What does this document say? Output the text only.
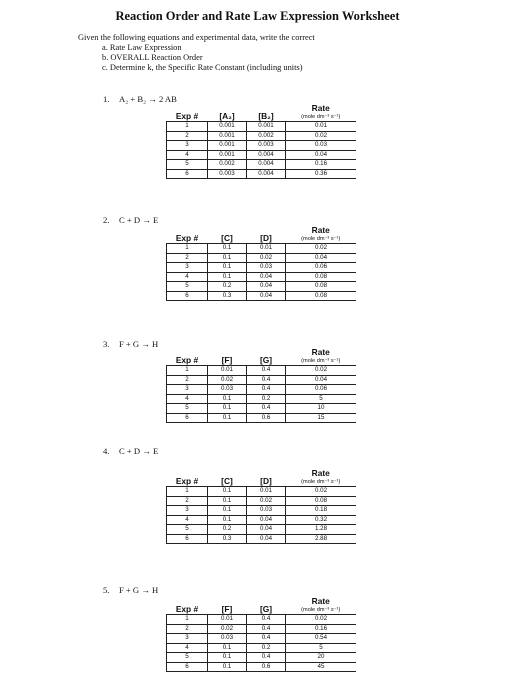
Reaction Order and Rate Law Expression Worksheet
Given the following equations and experimental data, write the correct
a. Rate Law Expression
b. OVERALL Reaction Order
c. Determine k, the Specific Rate Constant (including units)
1. A₂ + B₂ → 2 AB
Exp #	[A₂]	[B₂]	Rate
(mole dm⁻³ s⁻¹)

1	0.001	0.001	0.01
2	0.001	0.002	0.02
3	0.001	0.003	0.03
4	0.001	0.004	0.04
5	0.002	0.004	0.16
6	0.003	0.004	0.36
2. C + D → E
Exp #	[C]	[D]	Rate
(mole dm⁻³ s⁻¹)

1	0.1	0.01	0.02
2	0.1	0.02	0.04
3	0.1	0.03	0.06
4	0.1	0.04	0.08
5	0.2	0.04	0.08
6	0.3	0.04	0.08
3. F + G → H
Exp #	[F]	[G]	Rate
(mole dm⁻³ s⁻¹)

1	0.01	0.4	0.02
2	0.02	0.4	0.04
3	0.03	0.4	0.06
4	0.1	0.2	5
5	0.1	0.4	10
6	0.1	0.6	15
4. C + D → E
Exp #	[C]	[D]	Rate
(mole dm⁻³ s⁻¹)

1	0.1	0.01	0.02
2	0.1	0.02	0.08
3	0.1	0.03	0.18
4	0.1	0.04	0.32
5	0.2	0.04	1.28
6	0.3	0.04	2.88
5. F + G → H
Exp #	[F]	[G]	Rate
(mole dm⁻³ s⁻¹)

1	0.01	0.4	0.02
2	0.02	0.4	0.16
3	0.03	0.4	0.54
4	0.1	0.2	5
5	0.1	0.4	20
6	0.1	0.6	45
